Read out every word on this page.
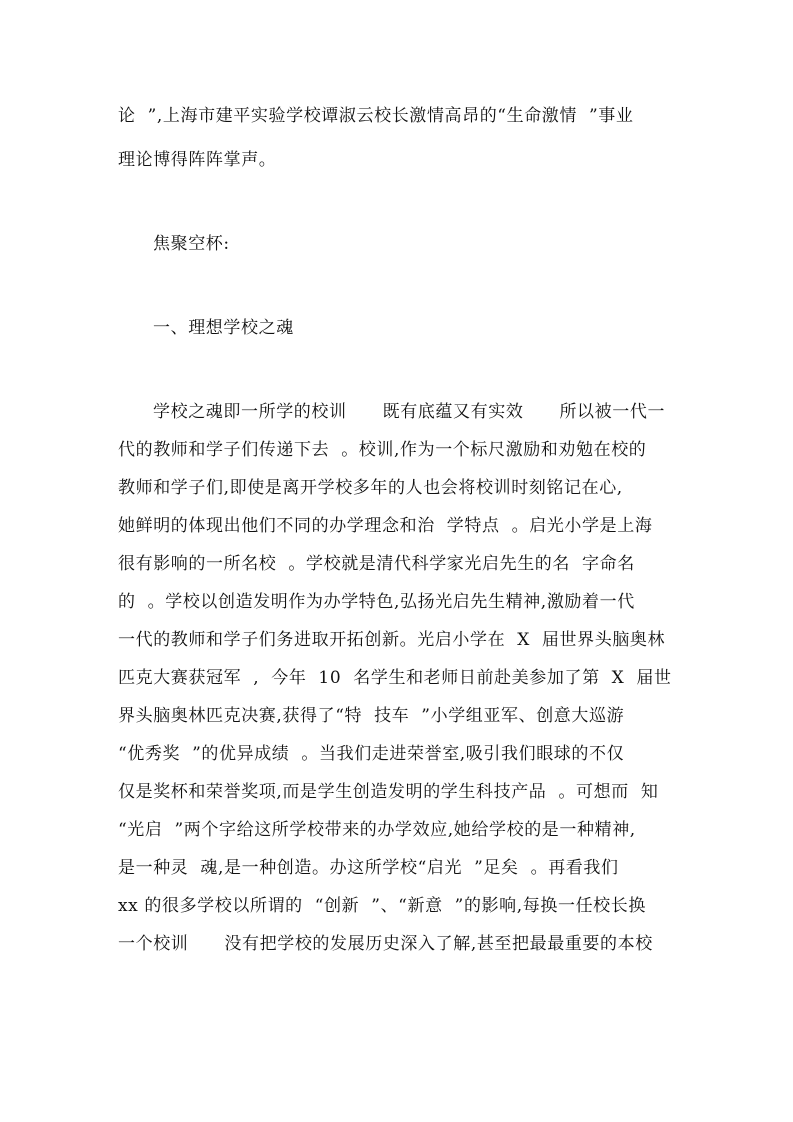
论  ”,上海市建平实验学校谭淑云校长激情高昂的“生命激情  ”事业
理论博得阵阵掌声。
焦聚空杯:
一、理想学校之魂
学校之魂即一所学的校训      既有底蕴又有实效      所以被一代一
代的教师和学子们传递下去  。校训,作为一个标尺激励和劝勉在校的
教师和学子们,即使是离开学校多年的人也会将校训时刻铭记在心,
她鲜明的体现出他们不同的办学理念和治  学特点  。启光小学是上海
很有影响的一所名校  。学校就是清代科学家光启先生的名  字命名
的  。学校以创造发明作为办学特色,弘扬光启先生精神,激励着一代
一代的教师和学子们务进取开拓创新。光启小学在  X  届世界头脑奥林
匹克大赛获冠军  ,  今年  10  名学生和老师日前赴美参加了第  X  届世
界头脑奥林匹克决赛,获得了“特  技车  ”小学组亚军、创意大巡游
“优秀奖  ”的优异成绩  。当我们走进荣誉室,吸引我们眼球的不仅
仅是奖杯和荣誉奖项,而是学生创造发明的学生科技产品  。可想而  知
“光启  ”两个字给这所学校带来的办学效应,她给学校的是一种精神,
是一种灵  魂,是一种创造。办这所学校“启光  ”足矣  。再看我们
xx 的很多学校以所谓的  “创新  ”、“新意  ”的影响,每换一任校长换
一个校训      没有把学校的发展历史深入了解,甚至把最最重要的本校
